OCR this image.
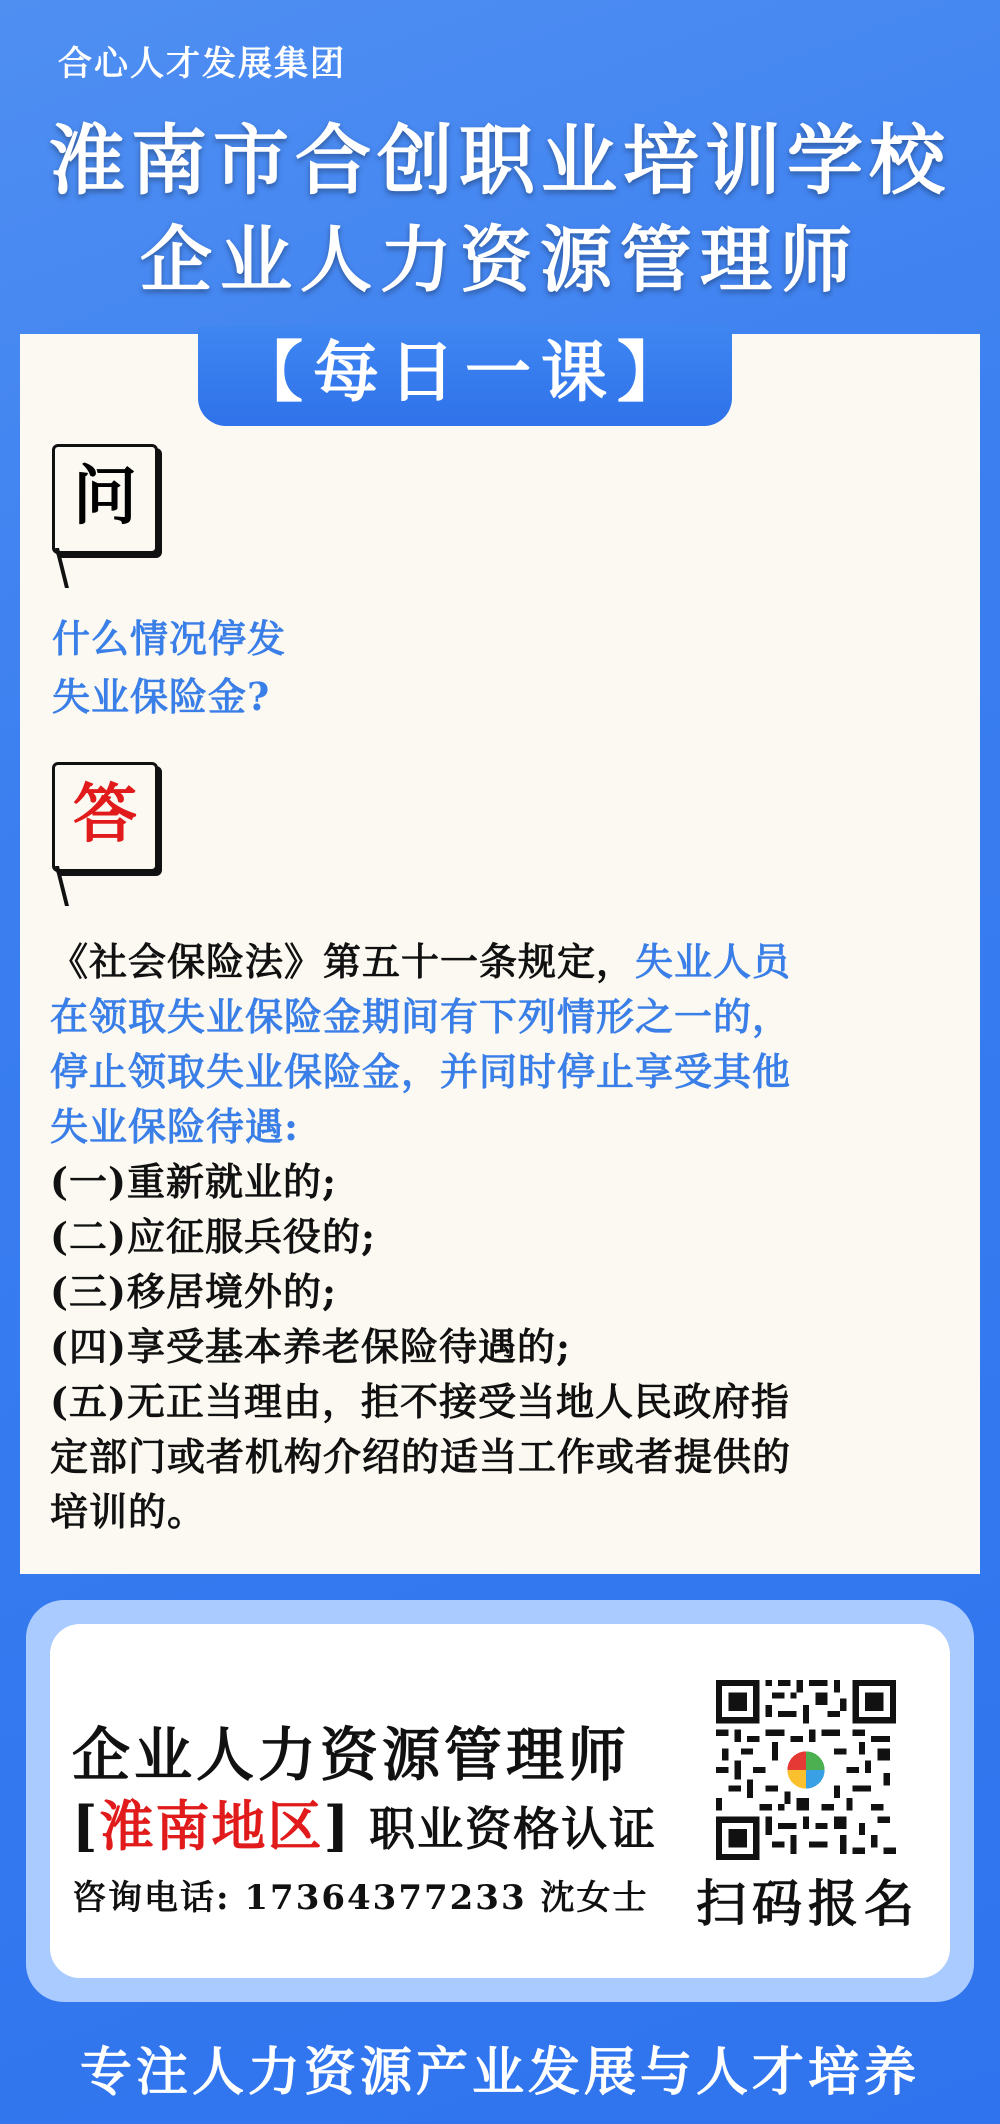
合心人才发展集团
淮南市合创职业培训学校
企业人力资源管理师
【每日一课】
问
什么情况停发
失业保险金?
答

《社会保险法》第五十一条规定，失业人员

在领取失业保险金期间有下列情形之一的，

停止领取失业保险金，并同时停止享受其他

失业保险待遇:

(一)重新就业的;

(二)应征服兵役的;

(三)移居境外的;

(四)享受基本养老保险待遇的;

(五)无正当理由，拒不接受当地人民政府指

定部门或者机构介绍的适当工作或者提供的

培训的。

企业人力资源管理师
[淮南地区] 职业资格认证
咨询电话: 17364377233 沈女士 扫码报名
专注人力资源产业发展与人才培养
